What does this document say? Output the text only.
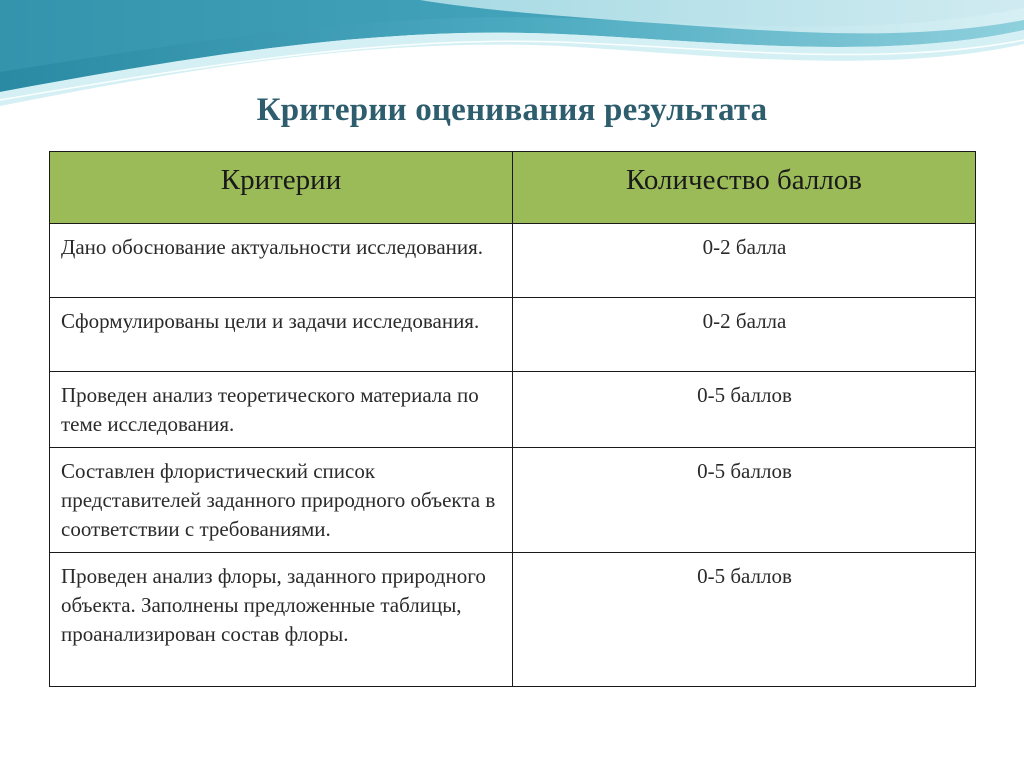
Критерии оценивания результата
Критерии	Количество баллов
Дано обоснование актуальности исследования.	0-2 балла
Сформулированы цели и задачи исследования.	0-2 балла
Проведен анализ теоретического материала по теме исследования.	0-5 баллов
Составлен флористический список представителей заданного природного объекта в соответствии с требованиями.	0-5 баллов
Проведен анализ флоры, заданного природного объекта. Заполнены предложенные таблицы, проанализирован состав флоры.	0-5 баллов
